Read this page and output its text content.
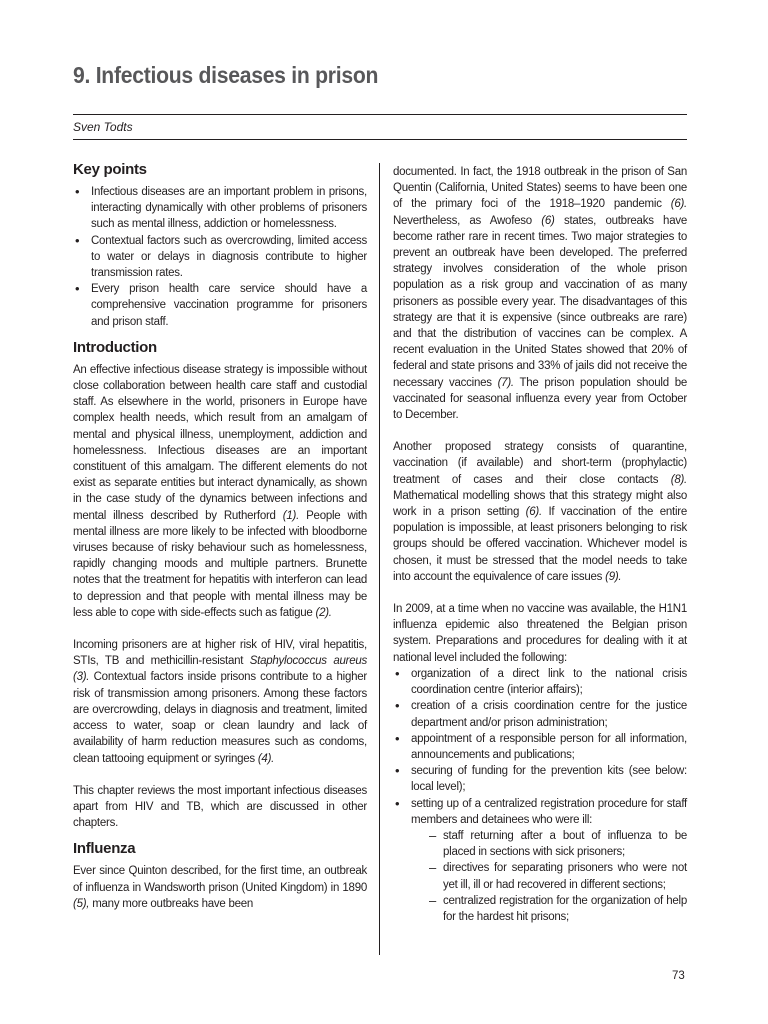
9. Infectious diseases in prison
Sven Todts
Key points
• Infectious diseases are an important problem in prisons, interacting dynamically with other problems of prisoners such as mental illness, addiction or homelessness.
• Contextual factors such as overcrowding, limited access to water or delays in diagnosis contribute to higher transmission rates.
• Every prison health care service should have a comprehensive vaccination programme for prisoners and prison staff.
Introduction

An effective infectious disease strategy is impossible without close collaboration between health care staff and custodial staff. As elsewhere in the world, prisoners in Europe have complex health needs, which result from an amalgam of mental and physical illness, unemployment, addiction and homelessness. Infectious diseases are an important constituent of this amalgam. The different elements do not exist as separate entities but interact dynamically, as shown in the case study of the dynamics between infections and mental illness described by Rutherford (1). People with mental illness are more likely to be infected with bloodborne viruses because of risky behaviour such as homelessness, rapidly changing moods and multiple partners. Brunette notes that the treatment for hepatitis with interferon can lead to depression and that people with mental illness may be less able to cope with side-effects such as fatigue (2).

Incoming prisoners are at higher risk of HIV, viral hepatitis, STIs, TB and methicillin-resistant Staphylococcus aureus (3). Contextual factors inside prisons contribute to a higher risk of transmission among prisoners. Among these factors are overcrowding, delays in diagnosis and treatment, limited access to water, soap or clean laundry and lack of availability of harm reduction measures such as condoms, clean tattooing equipment or syringes (4).

This chapter reviews the most important infectious diseases apart from HIV and TB, which are discussed in other chapters.

Influenza

Ever since Quinton described, for the first time, an outbreak of influenza in Wandsworth prison (United Kingdom) in 1890 (5), many more outbreaks have been

documented. In fact, the 1918 outbreak in the prison of San Quentin (California, United States) seems to have been one of the primary foci of the 1918–1920 pandemic (6). Nevertheless, as Awofeso (6) states, outbreaks have become rather rare in recent times. Two major strategies to prevent an outbreak have been developed. The preferred strategy involves consideration of the whole prison population as a risk group and vaccination of as many prisoners as possible every year. The disadvantages of this strategy are that it is expensive (since outbreaks are rare) and that the distribution of vaccines can be complex. A recent evaluation in the United States showed that 20% of federal and state prisons and 33% of jails did not receive the necessary vaccines (7). The prison population should be vaccinated for seasonal influenza every year from October to December.

Another proposed strategy consists of quarantine, vaccination (if available) and short-term (prophylactic) treatment of cases and their close contacts (8). Mathematical modelling shows that this strategy might also work in a prison setting (6). If vaccination of the entire population is impossible, at least prisoners belonging to risk groups should be offered vaccination. Whichever model is chosen, it must be stressed that the model needs to take into account the equivalence of care issues (9).

In 2009, at a time when no vaccine was available, the H1N1 influenza epidemic also threatened the Belgian prison system. Preparations and procedures for dealing with it at national level included the following:

• organization of a direct link to the national crisis coordination centre (interior affairs);
• creation of a crisis coordination centre for the justice department and/or prison administration;
• appointment of a responsible person for all information, announcements and publications;
• securing of funding for the prevention kits (see below: local level);
• setting up of a centralized registration procedure for staff members and detainees who were ill:
– staff returning after a bout of influenza to be placed in sections with sick prisoners;
– directives for separating prisoners who were not yet ill, ill or had recovered in different sections;
– centralized registration for the organization of help for the hardest hit prisons;
73
